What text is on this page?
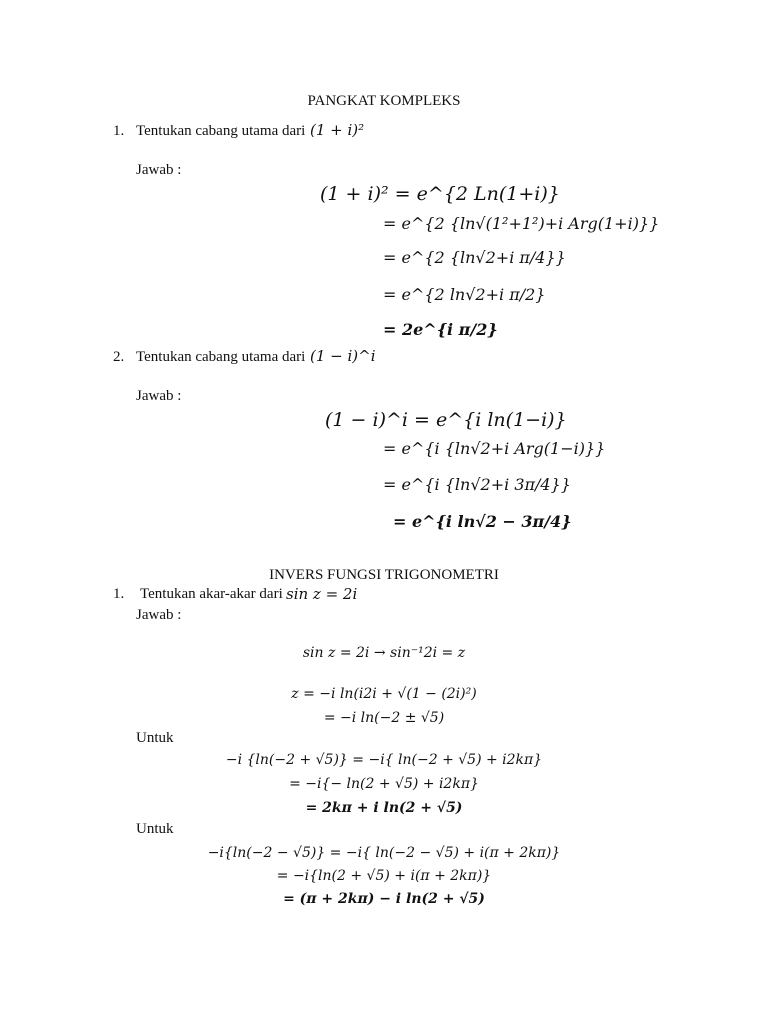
PANGKAT KOMPLEKS
1. Tentukan cabang utama dari (1 + i)²
Jawab :
(1 + i)² = e^{2 Ln(1+i)}
= e^{2 {ln√(1²+1²)+i Arg(1+i)}}
= e^{2 {ln√2+i π/4}}
= e^{2 ln√2+i π/2}
= 2e^{i π/2}
2. Tentukan cabang utama dari (1 − i)^i
Jawab :
(1 − i)^i = e^{i ln(1−i)}
= e^{i {ln√2+i Arg(1−i)}}
= e^{i {ln√2+i 3π/4}}
= e^{i ln√2 − 3π/4}
INVERS FUNGSI TRIGONOMETRI
1. Tentukan akar-akar dari sin z = 2i
Jawab :
sin z = 2i → sin⁻¹2i = z
z = −i ln(i2i + √(1 − (2i)²)
= −i ln(−2 ± √5)
Untuk
−i {ln(−2 + √5)} = −i{ ln(−2 + √5) + i2kπ}
= −i{− ln(2 + √5) + i2kπ}
= 2kπ + i ln(2 + √5)
Untuk
−i{ln(−2 − √5)} = −i{ ln(−2 − √5) + i(π + 2kπ)}
= −i{ln(2 + √5) + i(π + 2kπ)}
= (π + 2kπ) − i ln(2 + √5)
